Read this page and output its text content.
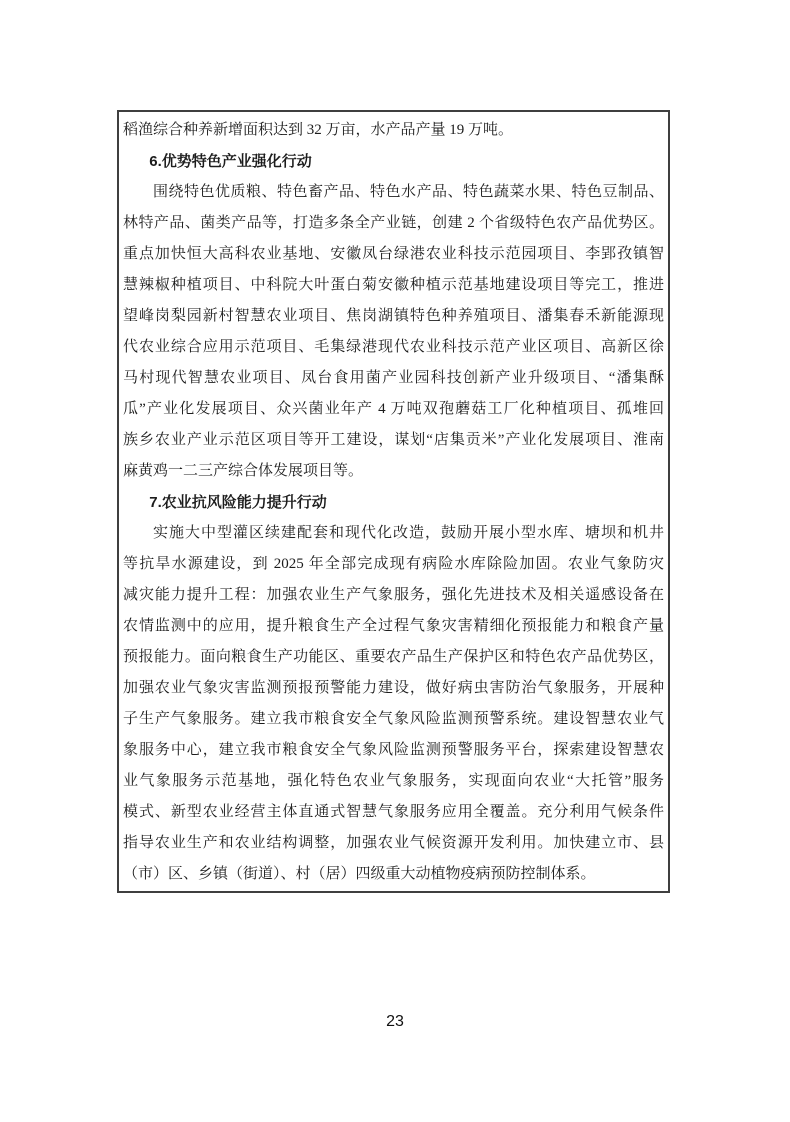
稻渔综合种养新增面积达到 32 万亩，水产品产量 19 万吨。
6.优势特色产业强化行动
围绕特色优质粮、特色畜产品、特色水产品、特色蔬菜水果、特色豆制品、
林特产品、菌类产品等，打造多条全产业链，创建 2 个省级特色农产品优势区。
重点加快恒大高科农业基地、安徽凤台绿港农业科技示范园项目、李郢孜镇智
慧辣椒种植项目、中科院大叶蛋白菊安徽种植示范基地建设项目等完工，推进
望峰岗梨园新村智慧农业项目、焦岗湖镇特色种养殖项目、潘集春禾新能源现
代农业综合应用示范项目、毛集绿港现代农业科技示范产业区项目、高新区徐
马村现代智慧农业项目、凤台食用菌产业园科技创新产业升级项目、“潘集酥
瓜”产业化发展项目、众兴菌业年产 4 万吨双孢蘑菇工厂化种植项目、孤堆回
族乡农业产业示范区项目等开工建设，谋划“店集贡米”产业化发展项目、淮南
麻黄鸡一二三产综合体发展项目等。
7.农业抗风险能力提升行动
实施大中型灌区续建配套和现代化改造，鼓励开展小型水库、塘坝和机井
等抗旱水源建设，到 2025 年全部完成现有病险水库除险加固。农业气象防灾
减灾能力提升工程：加强农业生产气象服务，强化先进技术及相关遥感设备在
农情监测中的应用，提升粮食生产全过程气象灾害精细化预报能力和粮食产量
预报能力。面向粮食生产功能区、重要农产品生产保护区和特色农产品优势区，
加强农业气象灾害监测预报预警能力建设，做好病虫害防治气象服务，开展种
子生产气象服务。建立我市粮食安全气象风险监测预警系统。建设智慧农业气
象服务中心，建立我市粮食安全气象风险监测预警服务平台，探索建设智慧农
业气象服务示范基地，强化特色农业气象服务，实现面向农业“大托管”服务
模式、新型农业经营主体直通式智慧气象服务应用全覆盖。充分利用气候条件
指导农业生产和农业结构调整，加强农业气候资源开发利用。加快建立市、县
（市）区、乡镇（街道）、村（居）四级重大动植物疫病预防控制体系。
23
